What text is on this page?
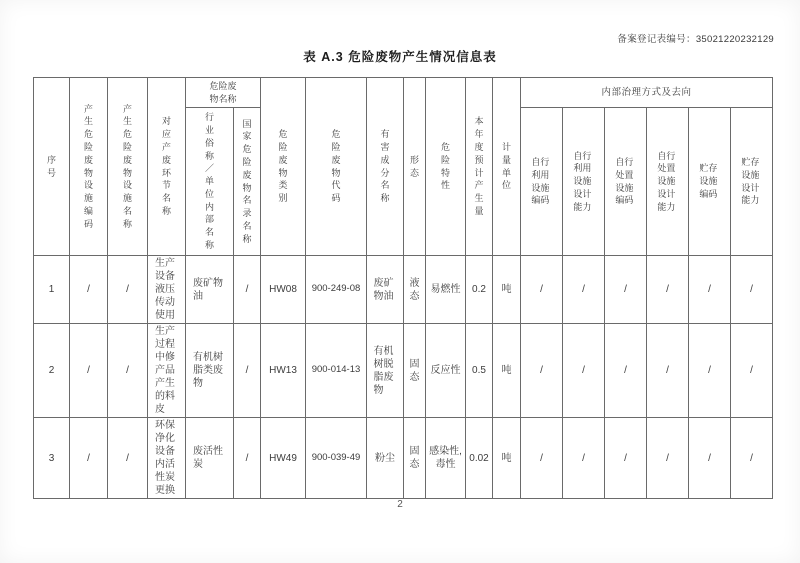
备案登记表编号：35021220232129
表 A.3 危险废物产生情况信息表
序号	产生危险废物设施编码	产生危险废物设施名称	对应产废环节名称	危险废物名称		危险废物类别	危险废物代码	有害成分名称	形态	危险特性	本年度预计产生量	计量单位	内部治理方式及去向					
				行业俗称／单位内部名称	国家危险废物名录名称								自行利用设施编码	自行利用设施设计能力	自行处置设施编码	自行处置设施设计能力	贮存设施编码	贮存设施设计能力
1	/	/	生产设备液压传动使用	废矿物油	/	HW08	900-249-08	废矿物油	液态	易燃性	0.2	吨	/	/	/	/	/	/
2	/	/	生产过程中修产品产生的料皮	有机树脂类废物	/	HW13	900-014-13	有机树脱脂废物	固态	反应性	0.5	吨	/	/	/	/	/	/
3	/	/	环保净化设备内活性炭更换	废活性炭	/	HW49	900-039-49	粉尘	固态	感染性,毒性	0.02	吨	/	/	/	/	/	/
2
